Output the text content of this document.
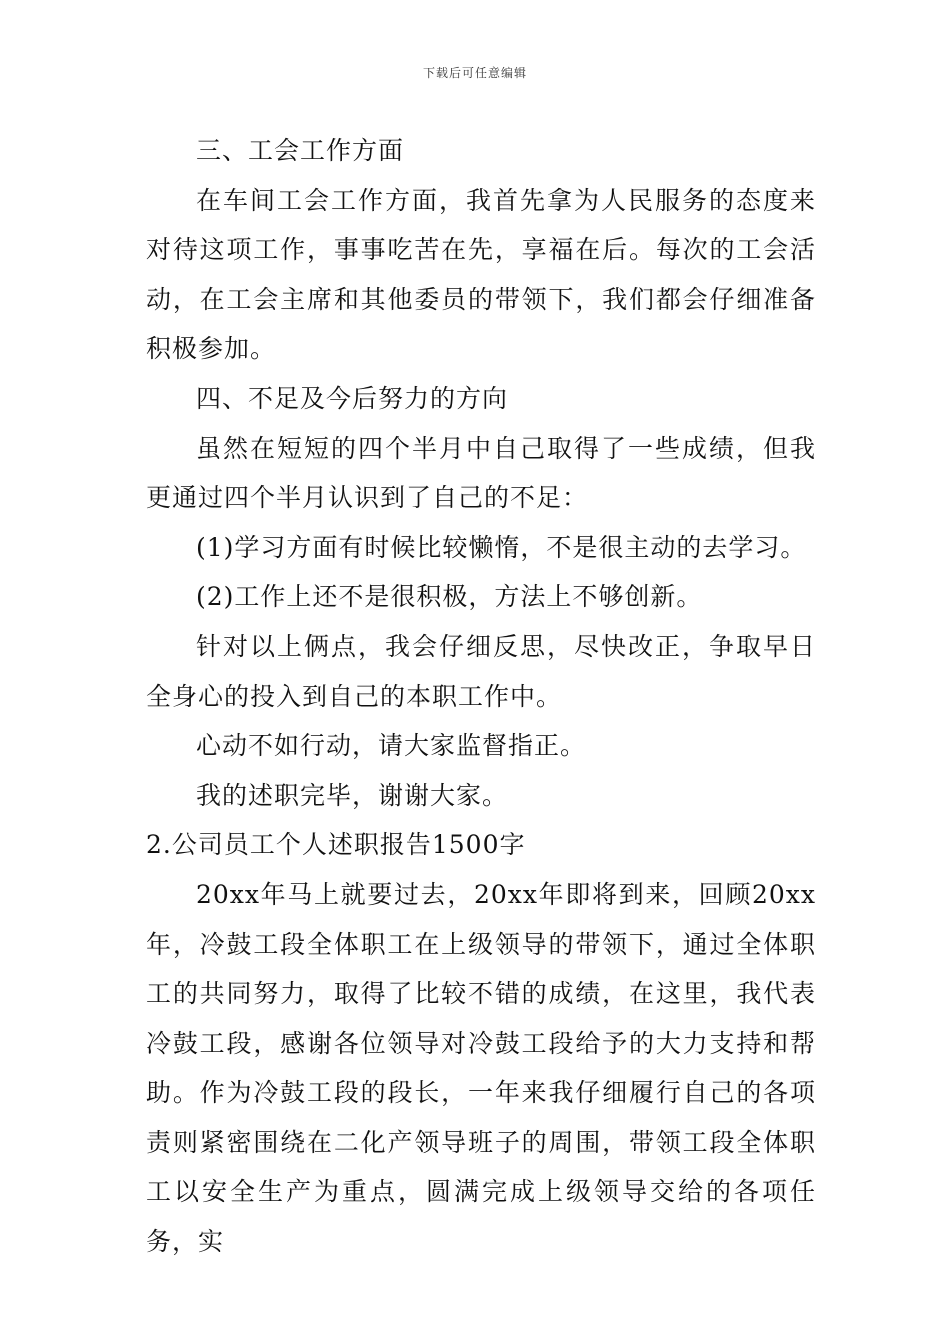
下载后可任意编辑

三、工会工作方面

在车间工会工作方面，我首先拿为人民服务的态度来对待这项工作，事事吃苦在先，享福在后。每次的工会活动，在工会主席和其他委员的带领下，我们都会仔细准备积极参加。

四、不足及今后努力的方向

虽然在短短的四个半月中自己取得了一些成绩，但我更通过四个半月认识到了自己的不足：

(1)学习方面有时候比较懒惰，不是很主动的去学习。

(2)工作上还不是很积极，方法上不够创新。

针对以上俩点，我会仔细反思，尽快改正，争取早日全身心的投入到自己的本职工作中。

心动不如行动，请大家监督指正。

我的述职完毕，谢谢大家。

2.公司员工个人述职报告1500字

20xx年马上就要过去，20xx年即将到来，回顾20xx年，冷鼓工段全体职工在上级领导的带领下，通过全体职工的共同努力，取得了比较不错的成绩，在这里，我代表冷鼓工段，感谢各位领导对冷鼓工段给予的大力支持和帮助。作为冷鼓工段的段长，一年来我仔细履行自己的各项责则紧密围绕在二化产领导班子的周围，带领工段全体职工以安全生产为重点，圆满完成上级领导交给的各项任务，实
